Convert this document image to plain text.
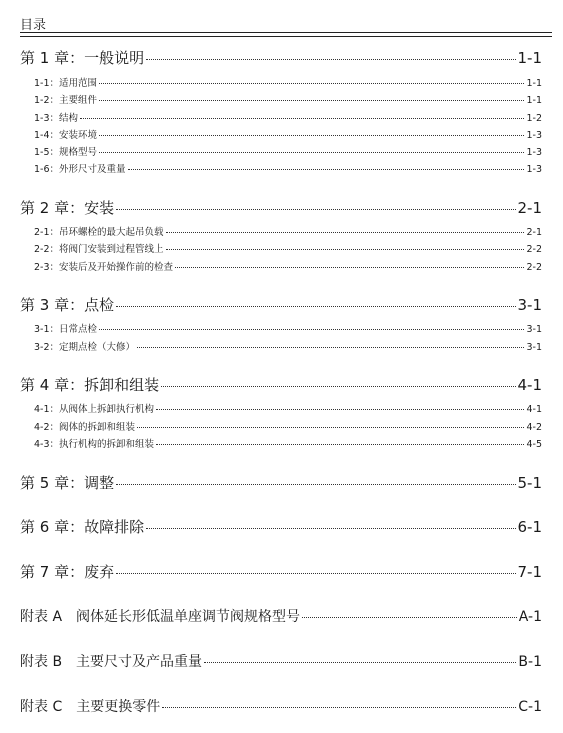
目录
第 1 章：一般说明	1-1
1-1：适用范围	1-1
1-2：主要组件	1-1
1-3：结构	1-2
1-4：安装环境	1-3
1-5：规格型号	1-3
1-6：外形尺寸及重量	1-3
第 2 章：安装	2-1
2-1：吊环螺栓的最大起吊负载	2-1
2-2：将阀门安装到过程管线上	2-2
2-3：安装后及开始操作前的检查	2-2
第 3 章：点检	3-1
3-1：日常点检	3-1
3-2：定期点检（大修）	3-1
第 4 章：拆卸和组装	4-1
4-1：从阀体上拆卸执行机构	4-1
4-2：阀体的拆卸和组装	4-2
4-3：执行机构的拆卸和组装	4-5
第 5 章：调整	5-1
第 6 章：故障排除	6-1
第 7 章：废弃	7-1
附表 A　阀体延长形低温单座调节阀规格型号	A-1
附表 B　主要尺寸及产品重量	B-1
附表 C　主要更换零件	C-1
